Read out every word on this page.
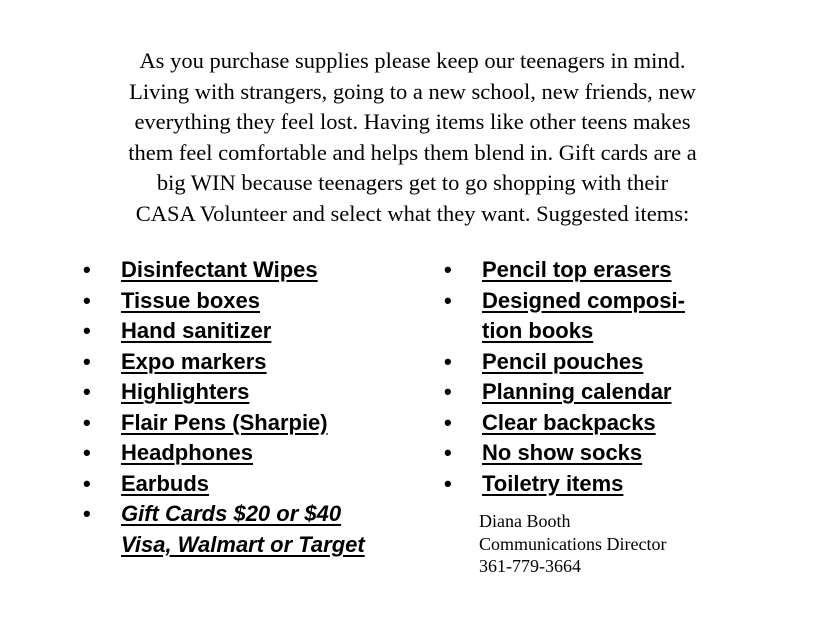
As you purchase supplies please keep our teenagers in mind.
Living with strangers, going to a new school, new friends, new
everything they feel lost. Having items like other teens makes
them feel comfortable and helps them blend in. Gift cards are a
big WIN because teenagers get to go shopping with their
CASA Volunteer and select what they want. Suggested items:
• Disinfectant Wipes
• Tissue boxes
• Hand sanitizer
• Expo markers
• Highlighters
• Flair Pens (Sharpie)
• Headphones
• Earbuds
• Gift Cards $20 or $40
Visa, Walmart or Target
• Pencil top erasers
• Designed composi-
tion books
• Pencil pouches
• Planning calendar
• Clear backpacks
• No show socks
• Toiletry items
Diana Booth
Communications Director
361-779-3664
